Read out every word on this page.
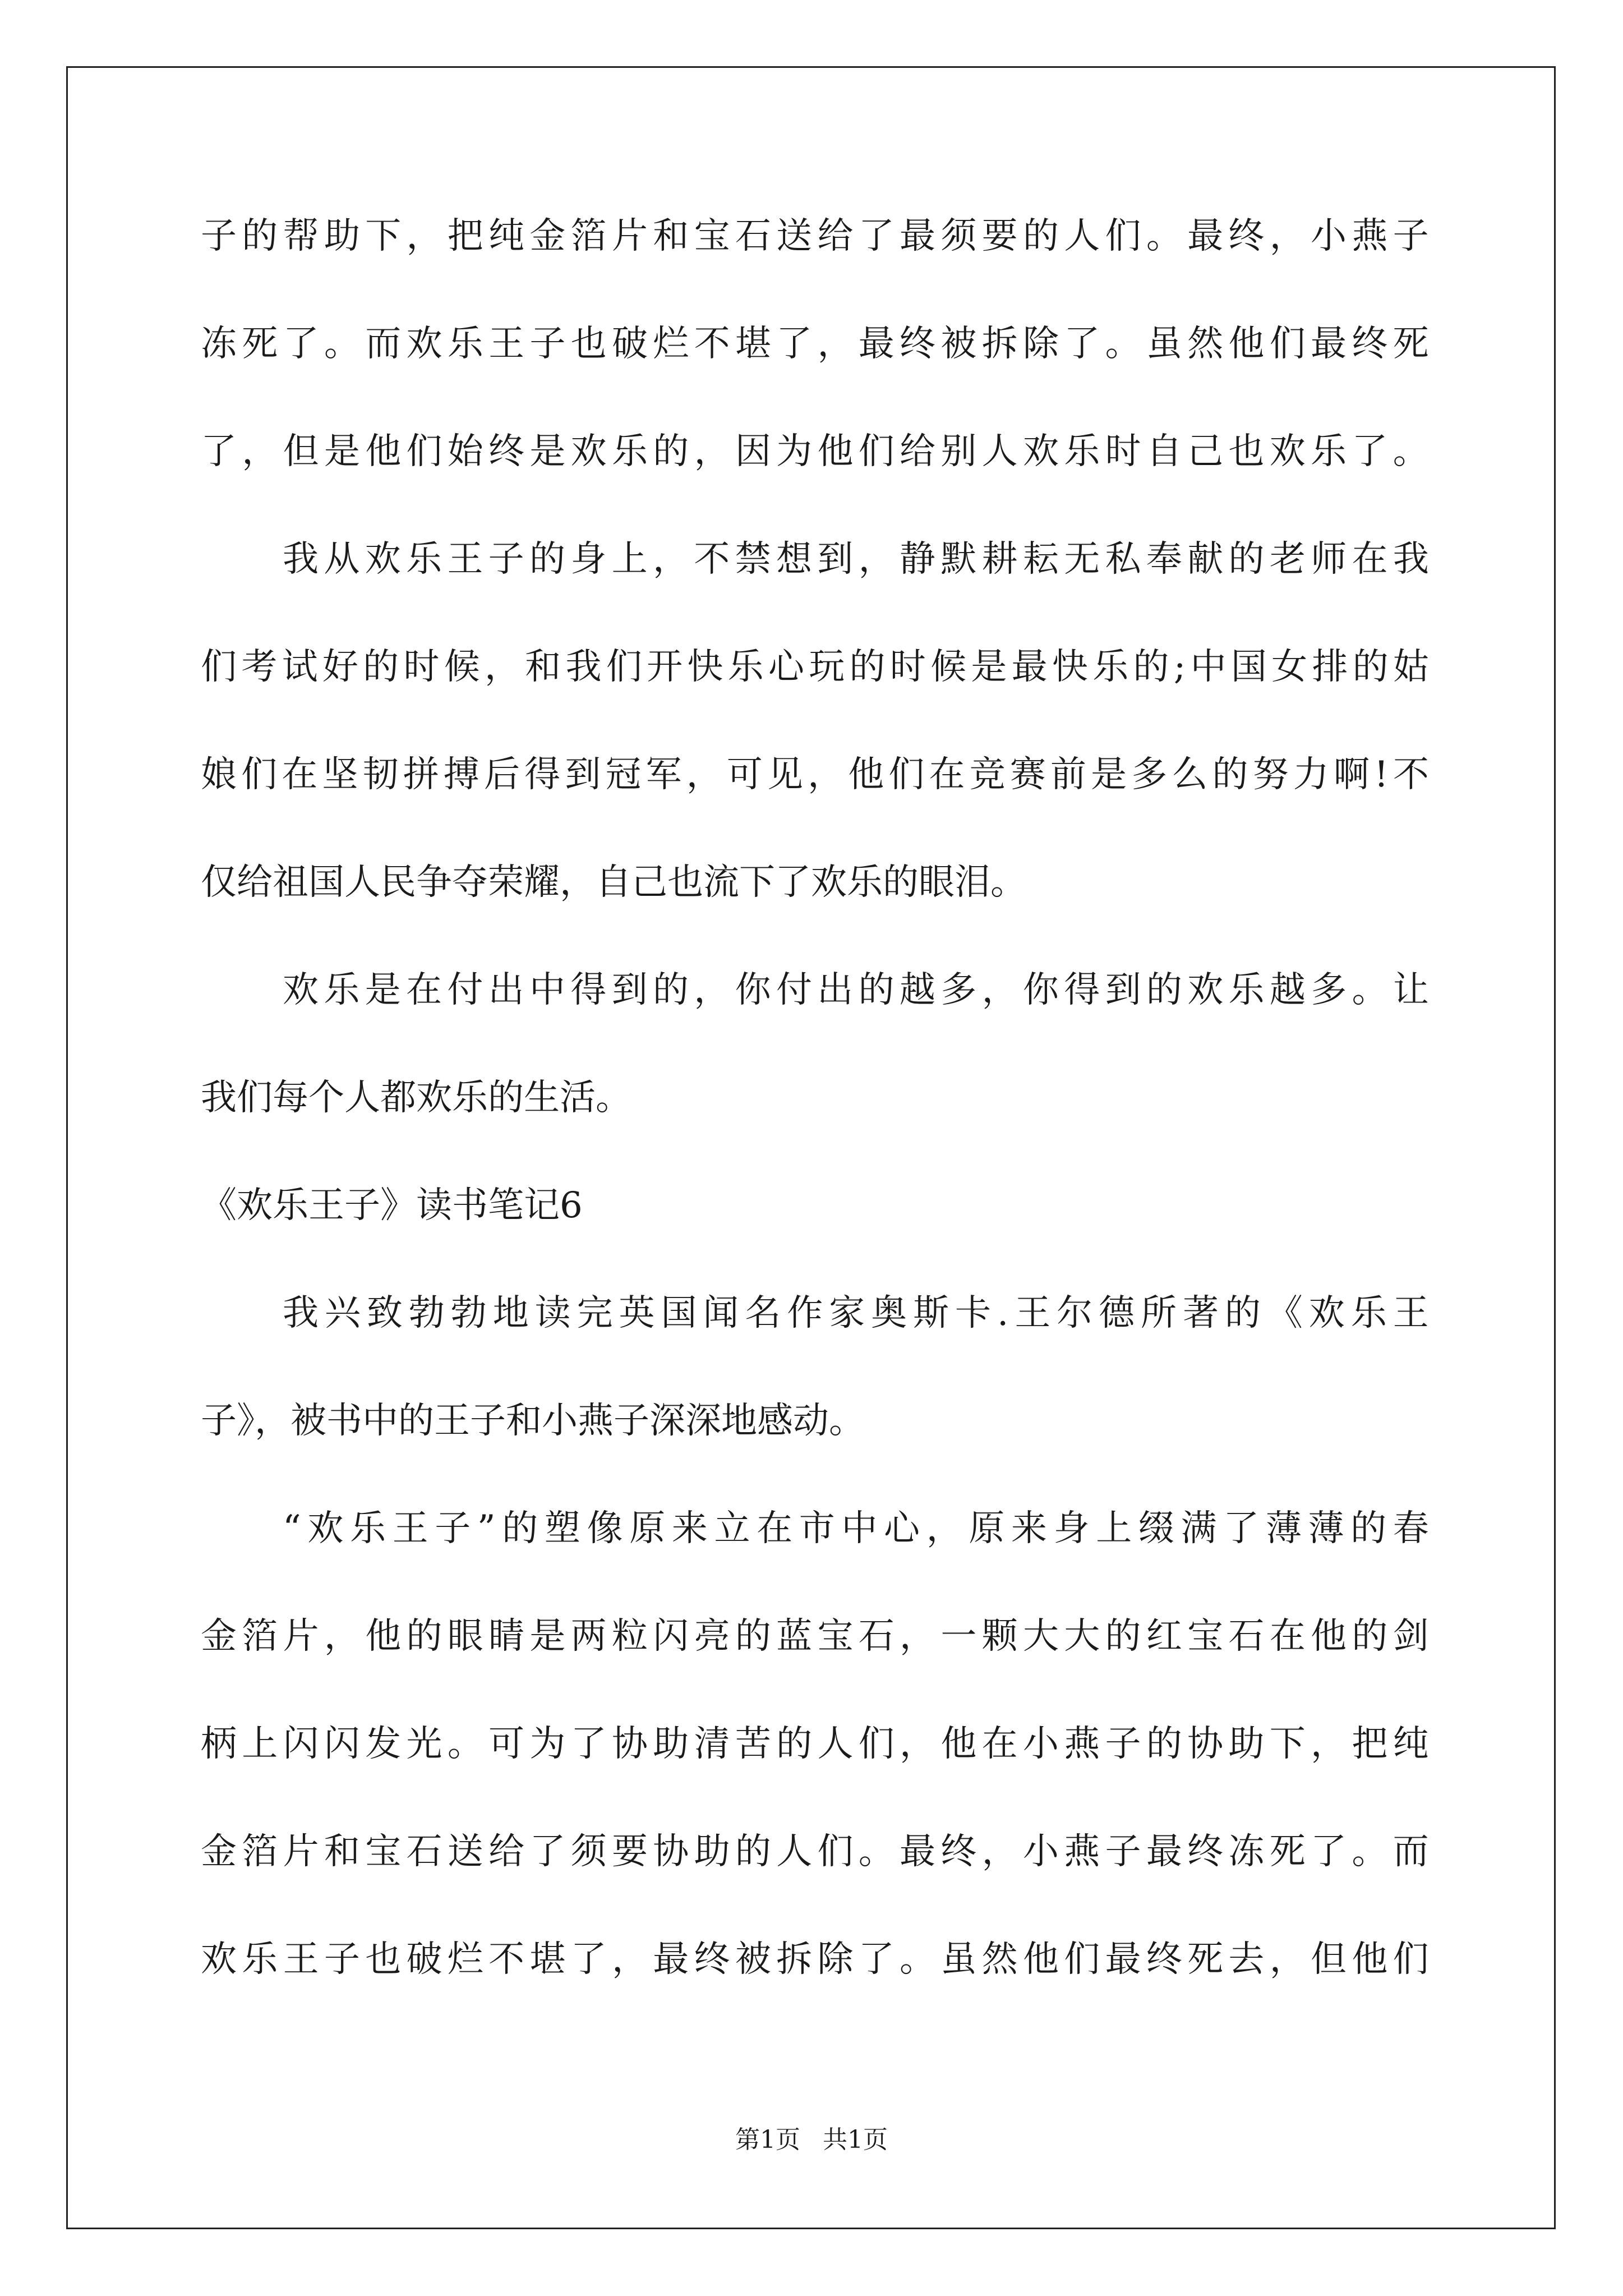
子 的 帮 助 下 ， 把 纯 金 箔 片 和 宝 石 送 给 了 最 须 要 的 人 们 。 最 终 ， 小 燕 子
冻 死 了 。 而 欢 乐 王 子 也 破 烂 不 堪 了 ， 最 终 被 拆 除 了 。 虽 然 他 们 最 终 死
了 ， 但 是 他 们 始 终 是 欢 乐 的 ， 因 为 他 们 给 别 人 欢 乐 时 自 己 也 欢 乐 了 。
我 从 欢 乐 王 子 的 身 上 ， 不 禁 想 到 ， 静 默 耕 耘 无 私 奉 献 的 老 师 在 我
们 考 试 好 的 时 候 ， 和 我 们 开 快 乐 心 玩 的 时 候 是 最 快 乐 的 ; 中 国 女 排 的 姑
娘 们 在 坚 韧 拼 搏 后 得 到 冠 军 ， 可 见 ， 他 们 在 竞 赛 前 是 多 么 的 努 力 啊 ! 不
仅给祖国人民争夺荣耀，自己也流下了欢乐的眼泪。
欢 乐 是 在 付 出 中 得 到 的 ， 你 付 出 的 越 多 ， 你 得 到 的 欢 乐 越 多 。 让
我们每个人都欢乐的生活。
《欢乐王子》读书笔记6
我 兴 致 勃 勃 地 读 完 英 国 闻 名 作 家 奥 斯 卡 . 王 尔 德 所 著 的 《 欢 乐 王
子》，被书中的王子和小燕子深深地感动。
“ 欢 乐 王 子 ” 的 塑 像 原 来 立 在 市 中 心 ， 原 来 身 上 缀 满 了 薄 薄 的 春
金 箔 片 ， 他 的 眼 睛 是 两 粒 闪 亮 的 蓝 宝 石 ， 一 颗 大 大 的 红 宝 石 在 他 的 剑
柄 上 闪 闪 发 光 。 可 为 了 协 助 清 苦 的 人 们 ， 他 在 小 燕 子 的 协 助 下 ， 把 纯
金 箔 片 和 宝 石 送 给 了 须 要 协 助 的 人 们 。 最 终 ， 小 燕 子 最 终 冻 死 了 。 而
欢 乐 王 子 也 破 烂 不 堪 了 ， 最 终 被 拆 除 了 。 虽 然 他 们 最 终 死 去 ， 但 他 们
第1页 共1页
